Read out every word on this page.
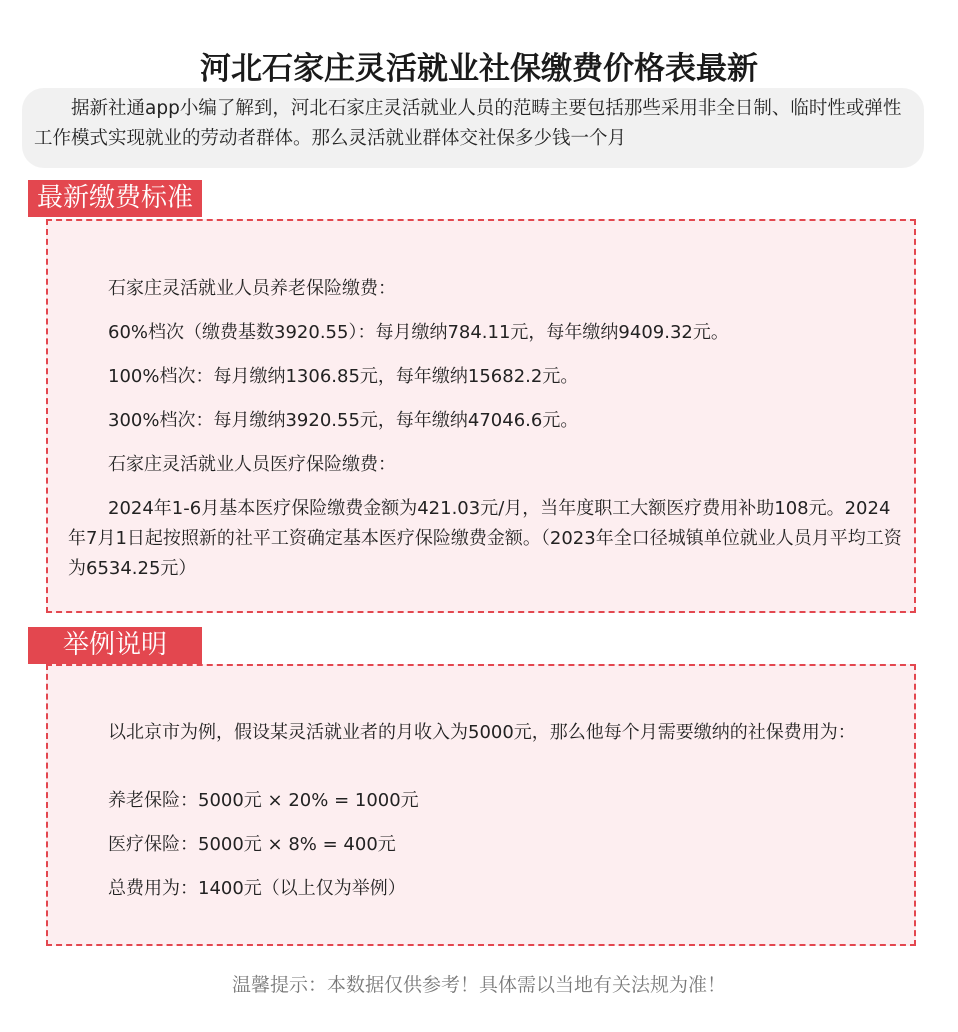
河北石家庄灵活就业社保缴费价格表最新

据新社通app小编了解到，河北石家庄灵活就业人员的范畴主要包括那些采用非全日制、临时性或弹性工作模式实现就业的劳动者群体。那么灵活就业群体交社保多少钱一个月

最新缴费标准

石家庄灵活就业人员养老保险缴费：

60%档次（缴费基数3920.55）：每月缴纳784.11元，每年缴纳9409.32元。

100%档次：每月缴纳1306.85元，每年缴纳15682.2元。

300%档次：每月缴纳3920.55元，每年缴纳47046.6元。

石家庄灵活就业人员医疗保险缴费：

2024年1-6月基本医疗保险缴费金额为421.03元/月，当年度职工大额医疗费用补助108元。2024年7月1日起按照新的社平工资确定基本医疗保险缴费金额。（2023年全口径城镇单位就业人员月平均工资为6534.25元）

举例说明

以北京市为例，假设某灵活就业者的月收入为5000元，那么他每个月需要缴纳的社保费用为：

养老保险：5000元 × 20% = 1000元

医疗保险：5000元 × 8% = 400元

总费用为：1400元（以上仅为举例）

温馨提示：本数据仅供参考！具体需以当地有关法规为准！
